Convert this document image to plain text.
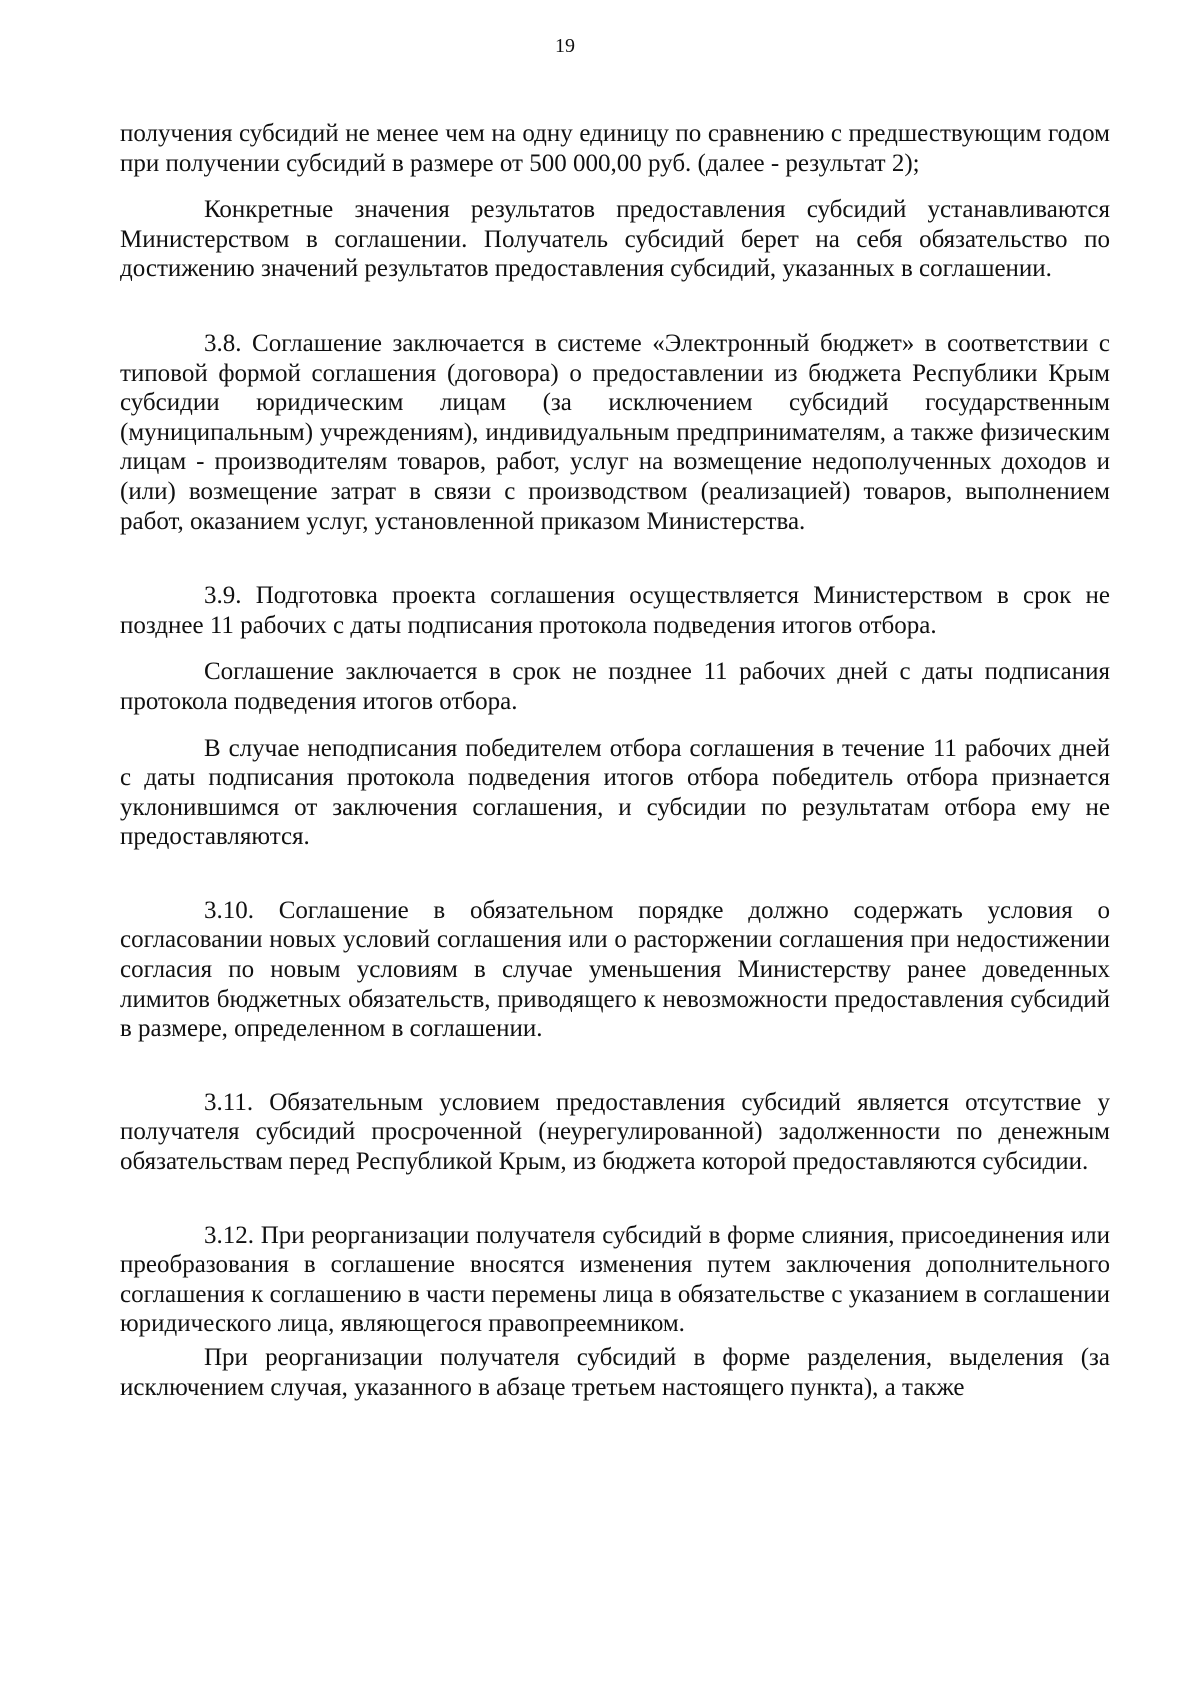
19

получения субсидий не менее чем на одну единицу по сравнению с предшествующим годом при получении субсидий в размере от 500 000,00 руб. (далее - результат 2);

Конкретные значения результатов предоставления субсидий устанавливаются Министерством в соглашении. Получатель субсидий берет на себя обязательство по достижению значений результатов предоставления субсидий, указанных в соглашении.

3.8. Соглашение заключается в системе «Электронный бюджет» в соответствии с типовой формой соглашения (договора) о предоставлении из бюджета Республики Крым субсидии юридическим лицам (за исключением субсидий государственным (муниципальным) учреждениям), индивидуальным предпринимателям, а также физическим лицам - производителям товаров, работ, услуг на возмещение недополученных доходов и (или) возмещение затрат в связи с производством (реализацией) товаров, выполнением работ, оказанием услуг, установленной приказом Министерства.

3.9. Подготовка проекта соглашения осуществляется Министерством в срок не позднее 11 рабочих с даты подписания протокола подведения итогов отбора.

Соглашение заключается в срок не позднее 11 рабочих дней с даты подписания протокола подведения итогов отбора.

В случае неподписания победителем отбора соглашения в течение 11 рабочих дней с даты подписания протокола подведения итогов отбора победитель отбора признается уклонившимся от заключения соглашения, и субсидии по результатам отбора ему не предоставляются.

3.10. Соглашение в обязательном порядке должно содержать условия о согласовании новых условий соглашения или о расторжении соглашения при недостижении согласия по новым условиям в случае уменьшения Министерству ранее доведенных лимитов бюджетных обязательств, приводящего к невозможности предоставления субсидий в размере, определенном в соглашении.

3.11. Обязательным условием предоставления субсидий является отсутствие у получателя субсидий просроченной (неурегулированной) задолженности по денежным обязательствам перед Республикой Крым, из бюджета которой предоставляются субсидии.

3.12. При реорганизации получателя субсидий в форме слияния, присоединения или преобразования в соглашение вносятся изменения путем заключения дополнительного соглашения к соглашению в части перемены лица в обязательстве с указанием в соглашении юридического лица, являющегося правопреемником.

При реорганизации получателя субсидий в форме разделения, выделения (за исключением случая, указанного в абзаце третьем настоящего пункта), а также
